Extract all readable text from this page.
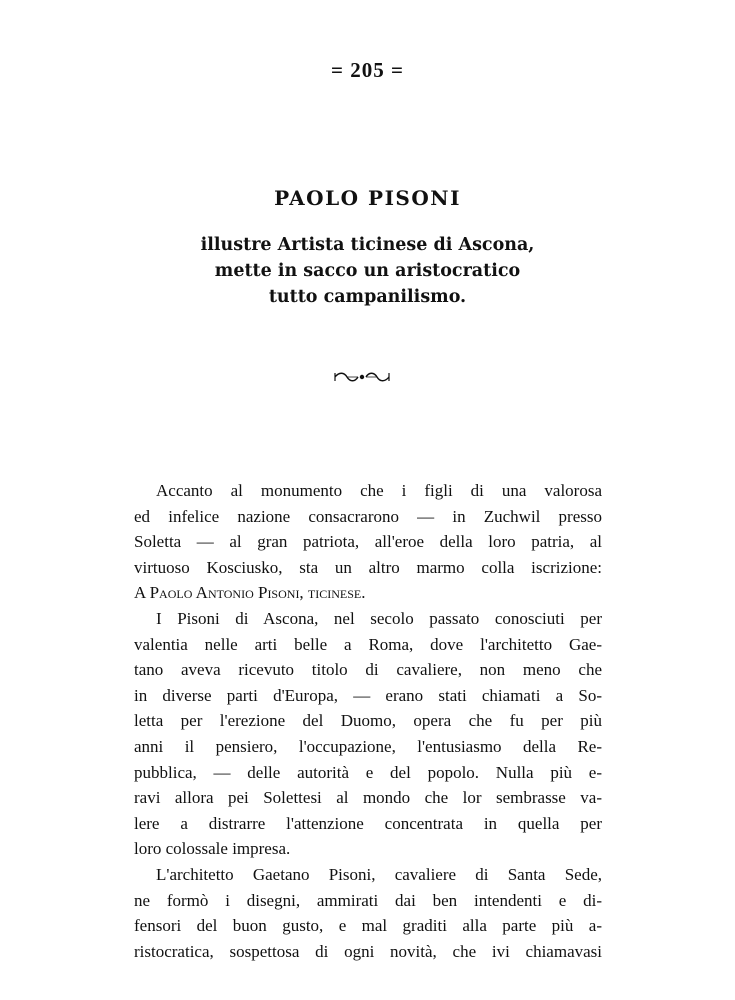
= 205 =
PAOLO PISONI
illustre Artista ticinese di Ascona,
mette in sacco un aristocratico
tutto campanilismo.
Accanto al monumento che i figli di una valorosa
ed infelice nazione consacrarono — in Zuchwil presso
Soletta — al gran patriota, all'eroe della loro patria, al
virtuoso Kosciusko, sta un altro marmo colla iscrizione:
A Paolo Antonio Pisoni, ticinese.
I Pisoni di Ascona, nel secolo passato conosciuti per
valentia nelle arti belle a Roma, dove l'architetto Gae-
tano aveva ricevuto titolo di cavaliere, non meno che
in diverse parti d'Europa, — erano stati chiamati a So-
letta per l'erezione del Duomo, opera che fu per più
anni il pensiero, l'occupazione, l'entusiasmo della Re-
pubblica, — delle autorità e del popolo. Nulla più e-
ravi allora pei Solettesi al mondo che lor sembrasse va-
lere a distrarre l'attenzione concentrata in quella per
loro colossale impresa.
L'architetto Gaetano Pisoni, cavaliere di Santa Sede,
ne formò i disegni, ammirati dai ben intendenti e di-
fensori del buon gusto, e mal graditi alla parte più a-
ristocratica, sospettosa di ogni novità, che ivi chiamavasi
